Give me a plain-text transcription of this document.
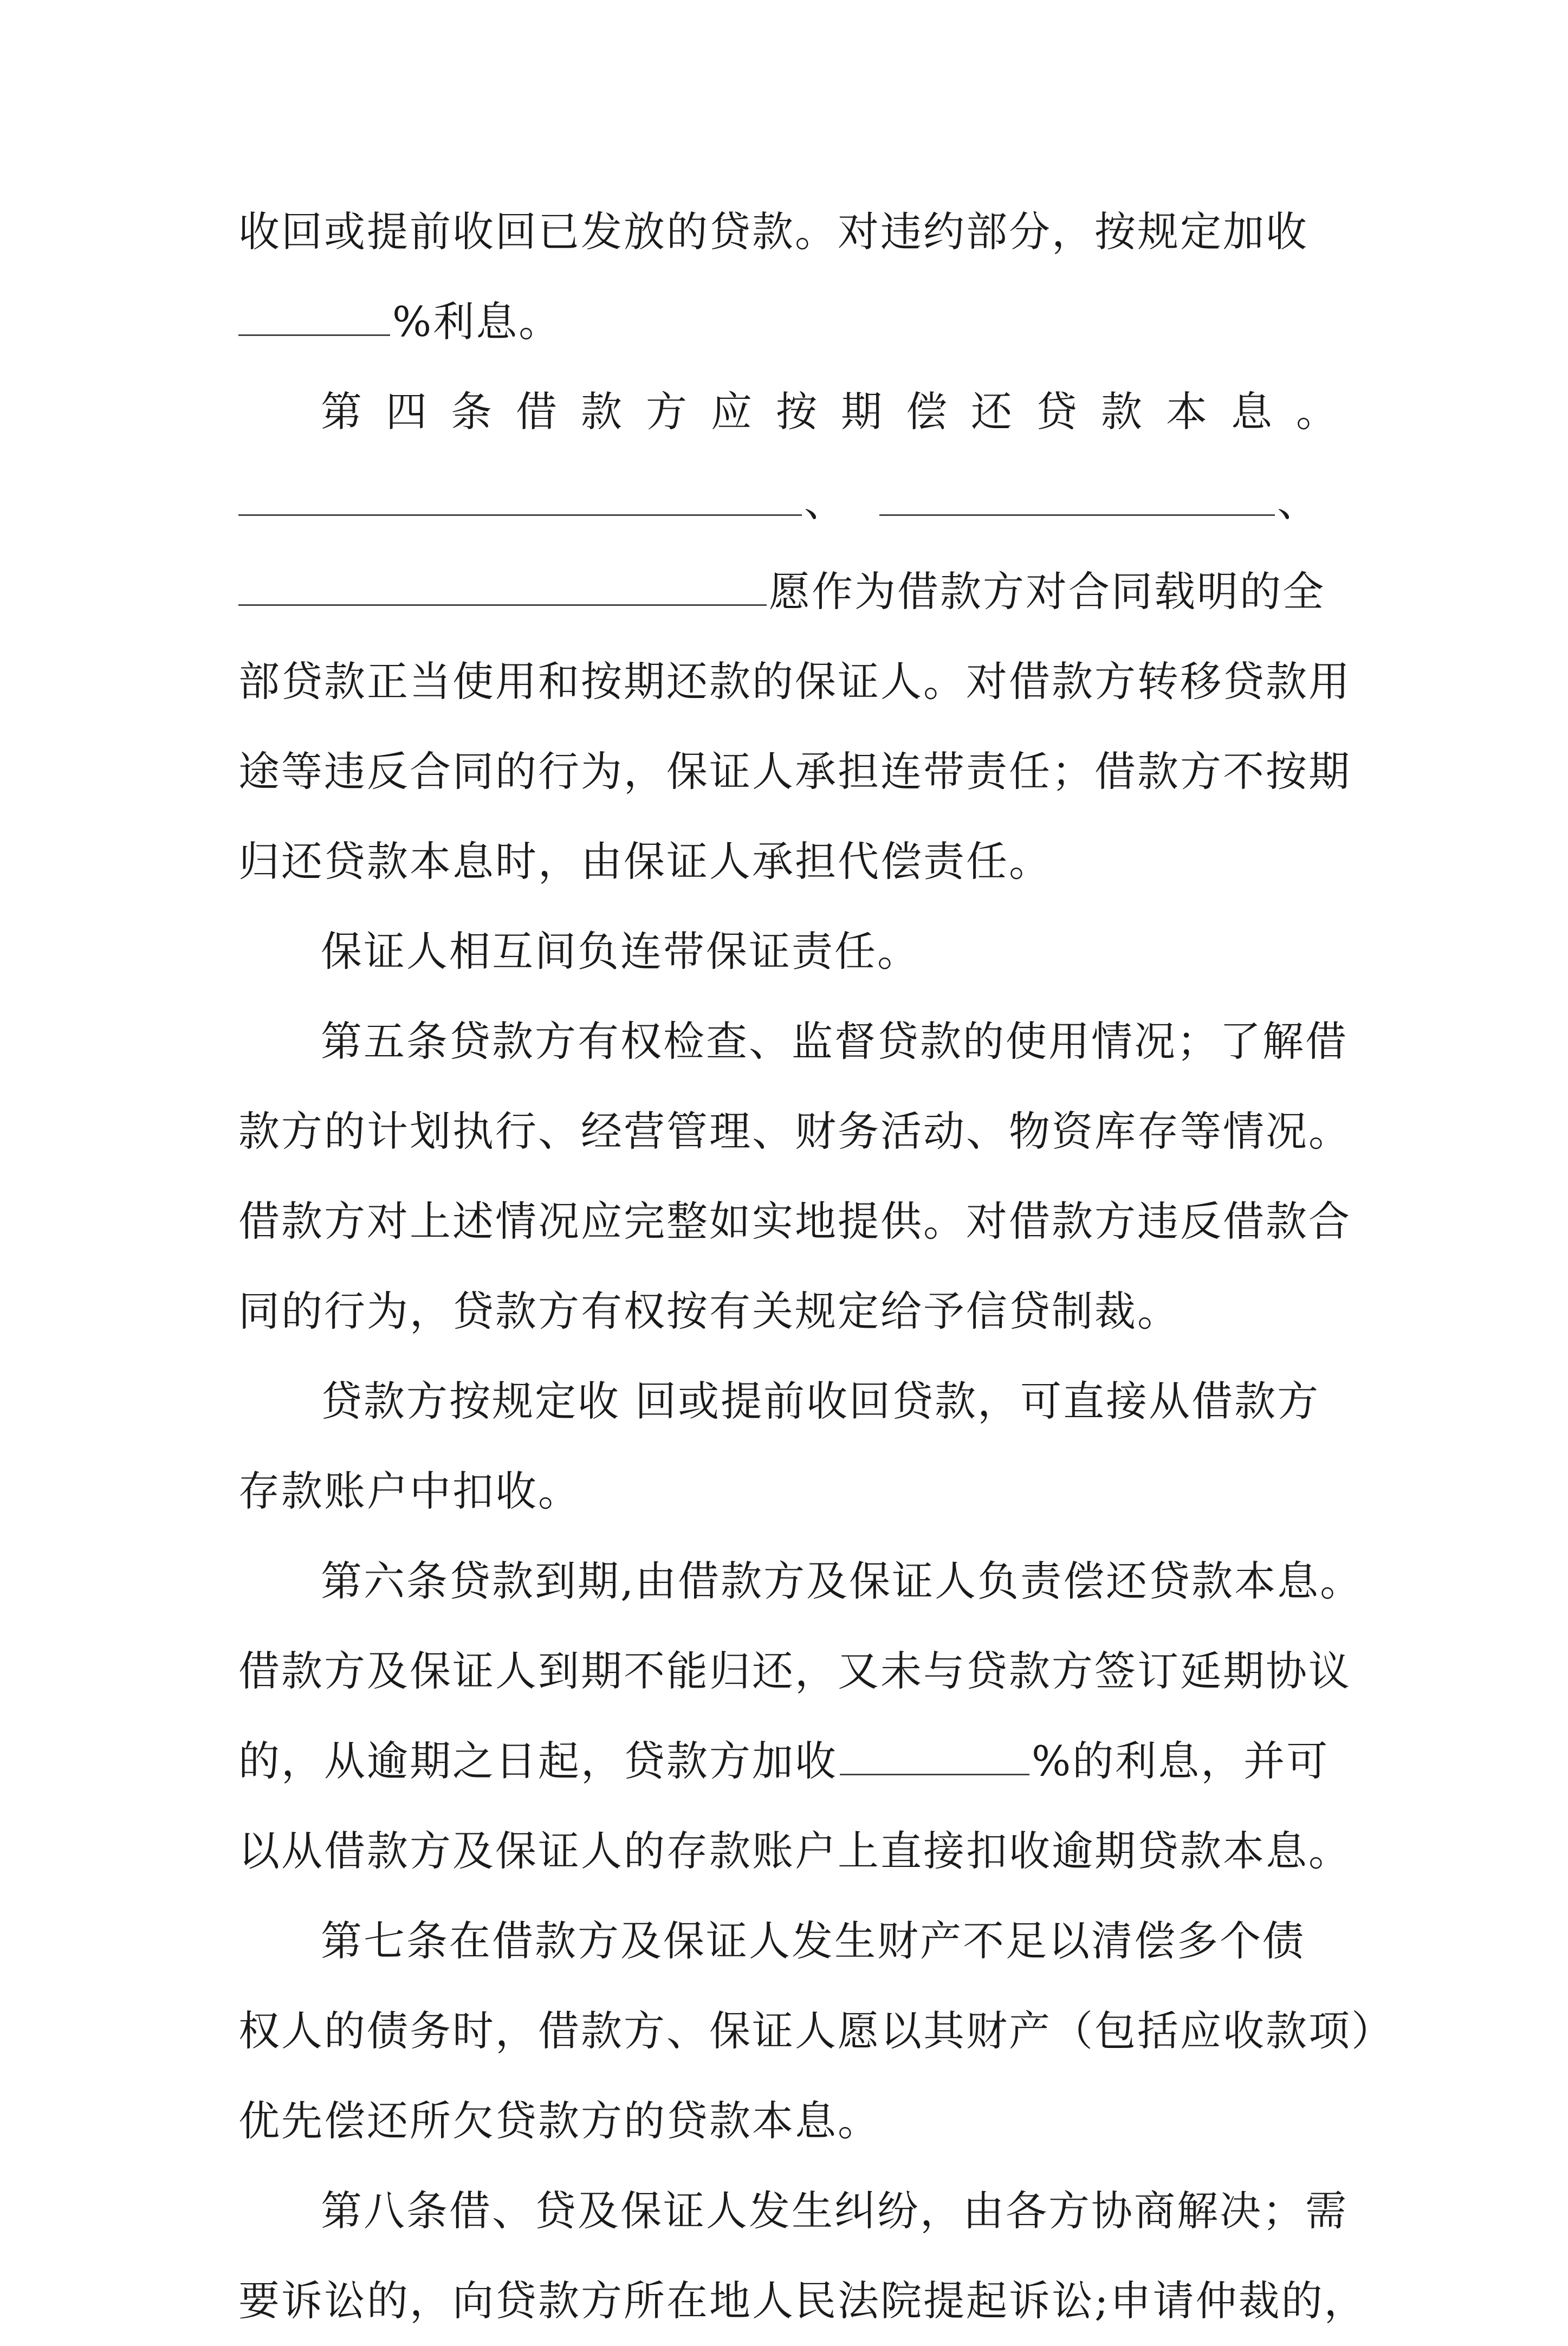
收回或提前收回已发放的贷款。对违约部分，按规定加收
%利息。
第四条借款方应按期偿还贷款本息。
、	、
愿作为借款方对合同载明的全
部贷款正当使用和按期还款的保证人。对借款方转移贷款用
途等违反合同的行为，保证人承担连带责任；借款方不按期
归还贷款本息时，由保证人承担代偿责任。
保证人相互间负连带保证责任。
第五条贷款方有权检查、监督贷款的使用情况；了解借
款方的计划执行、经营管理、财务活动、物资库存等情况。
借款方对上述情况应完整如实地提供。对借款方违反借款合
同的行为，贷款方有权按有关规定给予信贷制裁。
贷款方按规定收 回或提前收回贷款，可直接从借款方
存款账户中扣收。
第六条贷款到期,由借款方及保证人负责偿还贷款本息。
借款方及保证人到期不能归还，又未与贷款方签订延期协议
的，从逾期之日起，贷款方加收	%的利息，并可
以从借款方及保证人的存款账户上直接扣收逾期贷款本息。
第七条在借款方及保证人发生财产不足以清偿多个债
权人的债务时，借款方、保证人愿以其财产（包括应收款项）
优先偿还所欠贷款方的贷款本息。
第八条借、贷及保证人发生纠纷，由各方协商解决；需
要诉讼的，向贷款方所在地人民法院提起诉讼;申请仲裁的，
